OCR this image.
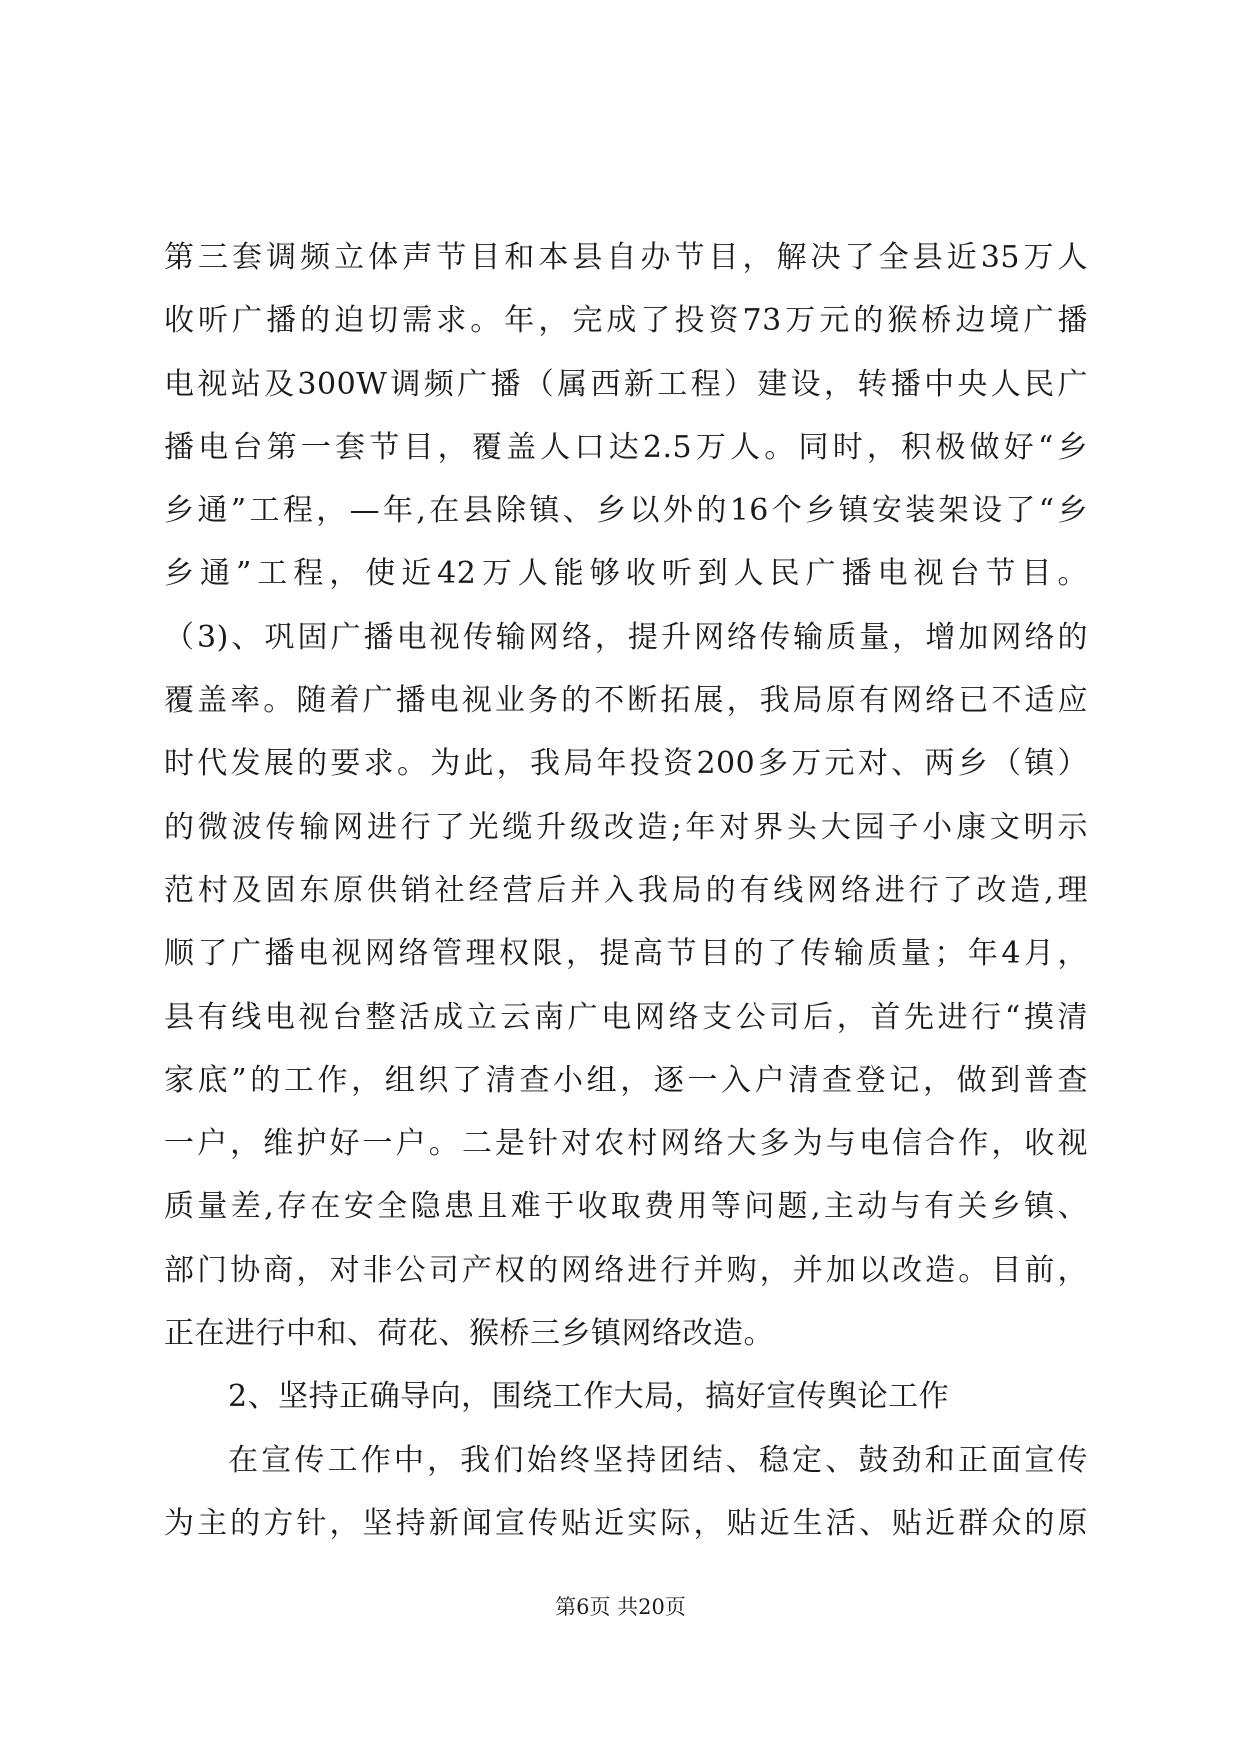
第三套调频立体声节目和本县自办节目，解决了全县近35万人
收听广播的迫切需求。年，完成了投资73万元的猴桥边境广播
电视站及300W调频广播（属西新工程）建设，转播中央人民广
播电台第一套节目，覆盖人口达2.5万人。同时，积极做好“乡
乡通”工程，—年,在县除镇、乡以外的16个乡镇安装架设了“乡
乡通”工程，使近42万人能够收听到人民广播电视台节目。
（3)、巩固广播电视传输网络，提升网络传输质量，增加网络的
覆盖率。随着广播电视业务的不断拓展，我局原有网络已不适应
时代发展的要求。为此，我局年投资200多万元对、两乡（镇）
的微波传输网进行了光缆升级改造;年对界头大园子小康文明示
范村及固东原供销社经营后并入我局的有线网络进行了改造,理
顺了广播电视网络管理权限，提高节目的了传输质量；年4月，
县有线电视台整活成立云南广电网络支公司后，首先进行“摸清
家底”的工作，组织了清查小组，逐一入户清查登记，做到普查
一户，维护好一户。二是针对农村网络大多为与电信合作，收视
质量差,存在安全隐患且难于收取费用等问题,主动与有关乡镇、
部门协商，对非公司产权的网络进行并购，并加以改造。目前，
正在进行中和、荷花、猴桥三乡镇网络改造。
2、坚持正确导向，围绕工作大局，搞好宣传舆论工作
在宣传工作中，我们始终坚持团结、稳定、鼓劲和正面宣传
为主的方针，坚持新闻宣传贴近实际，贴近生活、贴近群众的原
第6页 共20页
